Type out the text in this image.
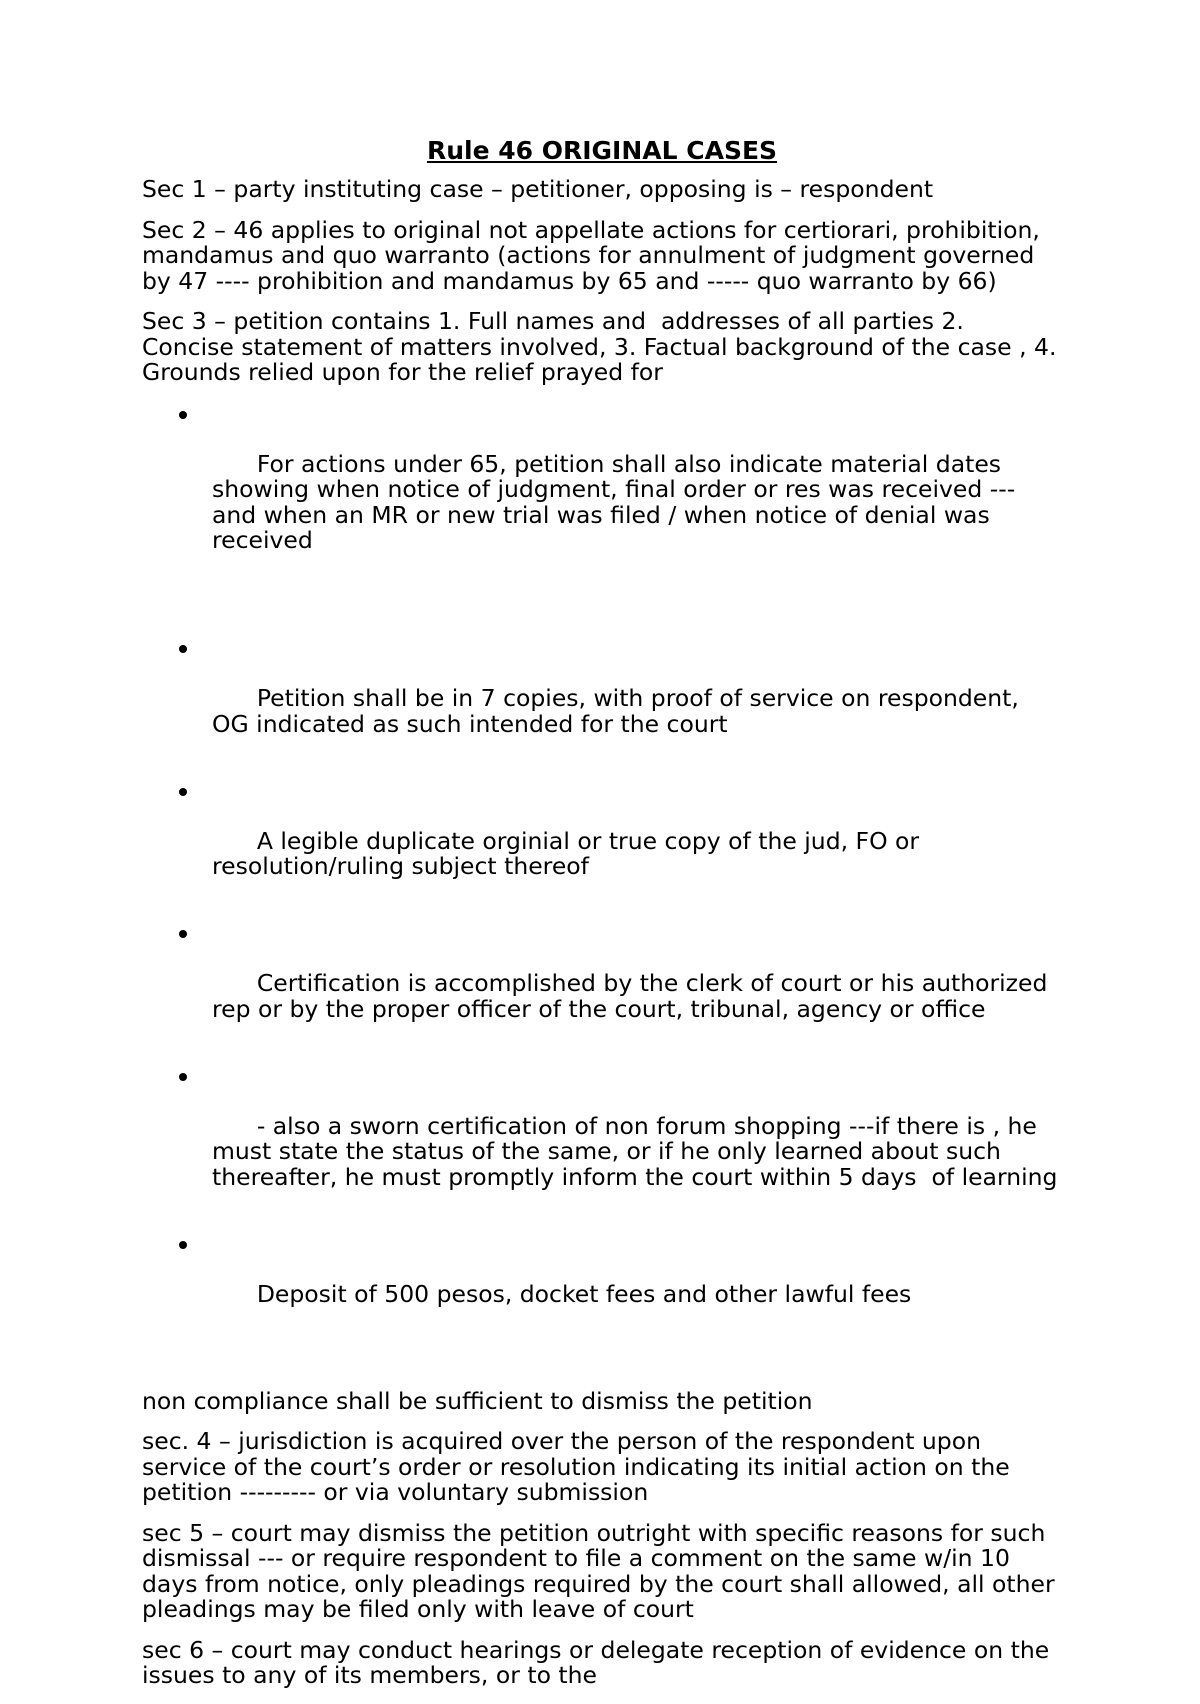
Rule 46 ORIGINAL CASES

Sec 1 – party instituting case – petitioner, opposing is – respondent

Sec 2 – 46 applies to original not appellate actions for certiorari, prohibition, mandamus and quo warranto (actions for annulment of judgment governed by 47 ---- prohibition and mandamus by 65 and ----- quo warranto by 66)

Sec 3 – petition contains 1. Full names and  addresses of all parties 2. Concise statement of matters involved, 3. Factual background of the case , 4. Grounds relied upon for the relief prayed for

For actions under 65, petition shall also indicate material dates showing when notice of judgment, final order or res was received --- and when an MR or new trial was filed / when notice of denial was received

Petition shall be in 7 copies, with proof of service on respondent, OG indicated as such intended for the court

A legible duplicate orginial or true copy of the jud, FO or resolution/ruling subject thereof

Certification is accomplished by the clerk of court or his authorized rep or by the proper officer of the court, tribunal, agency or office

- also a sworn certification of non forum shopping ---if there is , he must state the status of the same, or if he only learned about such thereafter, he must promptly inform the court within 5 days  of learning

Deposit of 500 pesos, docket fees and other lawful fees

non compliance shall be sufficient to dismiss the petition

sec. 4 – jurisdiction is acquired over the person of the respondent upon service of the court’s order or resolution indicating its initial action on the petition --------- or via voluntary submission

sec 5 – court may dismiss the petition outright with specific reasons for such dismissal --- or require respondent to file a comment on the same w/in 10 days from notice, only pleadings required by the court shall allowed, all other pleadings may be filed only with leave of court

sec 6 – court may conduct hearings or delegate reception of evidence on the issues to any of its members, or to the
